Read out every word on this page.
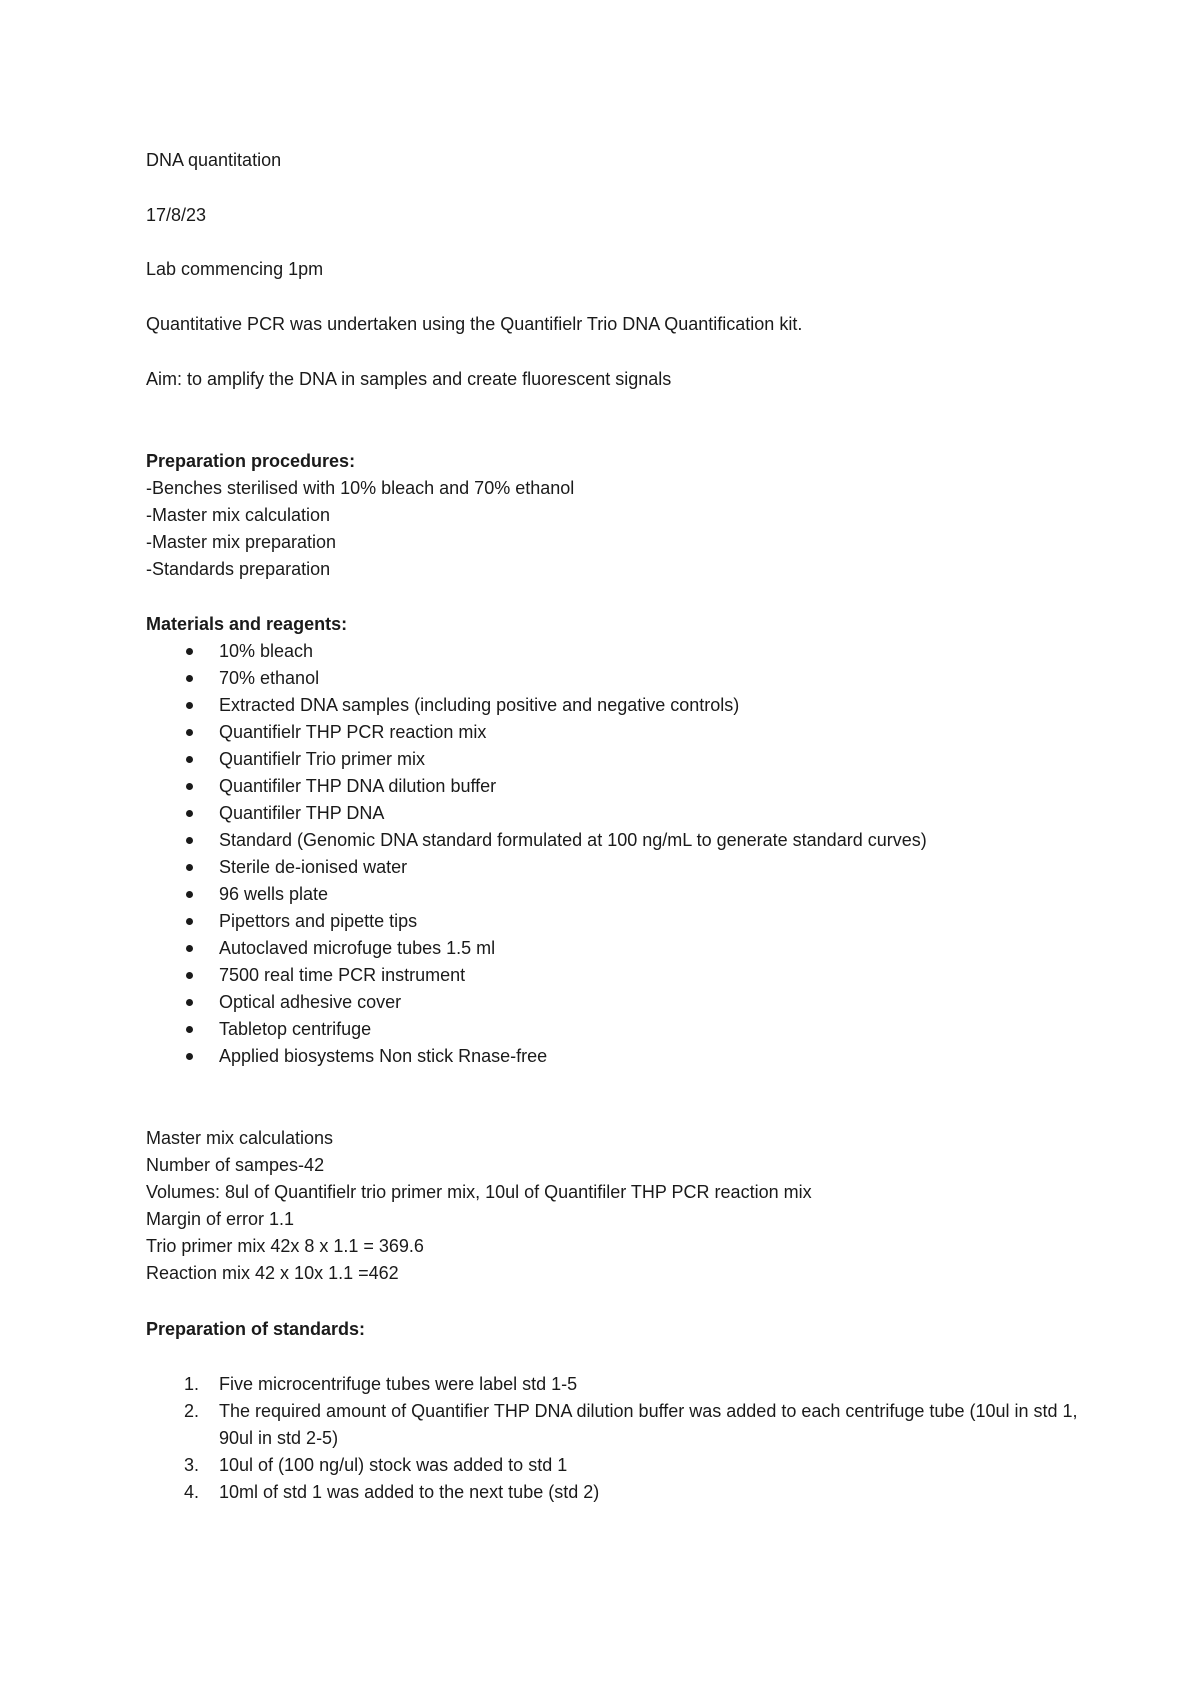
DNA quantitation
17/8/23
Lab commencing 1pm
Quantitative PCR was undertaken using the Quantifielr Trio DNA Quantification kit.
Aim: to amplify the DNA in samples and create fluorescent signals
Preparation procedures:
-Benches sterilised with 10% bleach and 70% ethanol
-Master mix calculation
-Master mix preparation
-Standards preparation
Materials and reagents:
10% bleach
70% ethanol
Extracted DNA samples (including positive and negative controls)
Quantifielr THP PCR reaction mix
Quantifielr Trio primer mix
Quantifiler THP DNA dilution buffer
Quantifiler THP DNA
Standard (Genomic DNA standard formulated at 100 ng/mL to generate standard curves)
Sterile de-ionised water
96 wells plate
Pipettors and pipette tips
Autoclaved microfuge tubes 1.5 ml
7500 real time PCR instrument
Optical adhesive cover
Tabletop centrifuge
Applied biosystems Non stick Rnase-free
Master mix calculations
Number of sampes-42
Volumes: 8ul of Quantifielr trio primer mix, 10ul of Quantifiler THP PCR reaction mix
Margin of error 1.1
Trio primer mix 42x 8 x 1.1 = 369.6
Reaction mix 42 x 10x 1.1 =462
Preparation of standards:
1. Five microcentrifuge tubes were label std 1-5
2. The required amount of Quantifier THP DNA dilution buffer was added to each centrifuge tube (10ul in std 1, 90ul in std 2-5)
3. 10ul of (100 ng/ul) stock was added to std 1
4. 10ml of std 1 was added to the next tube (std 2)
